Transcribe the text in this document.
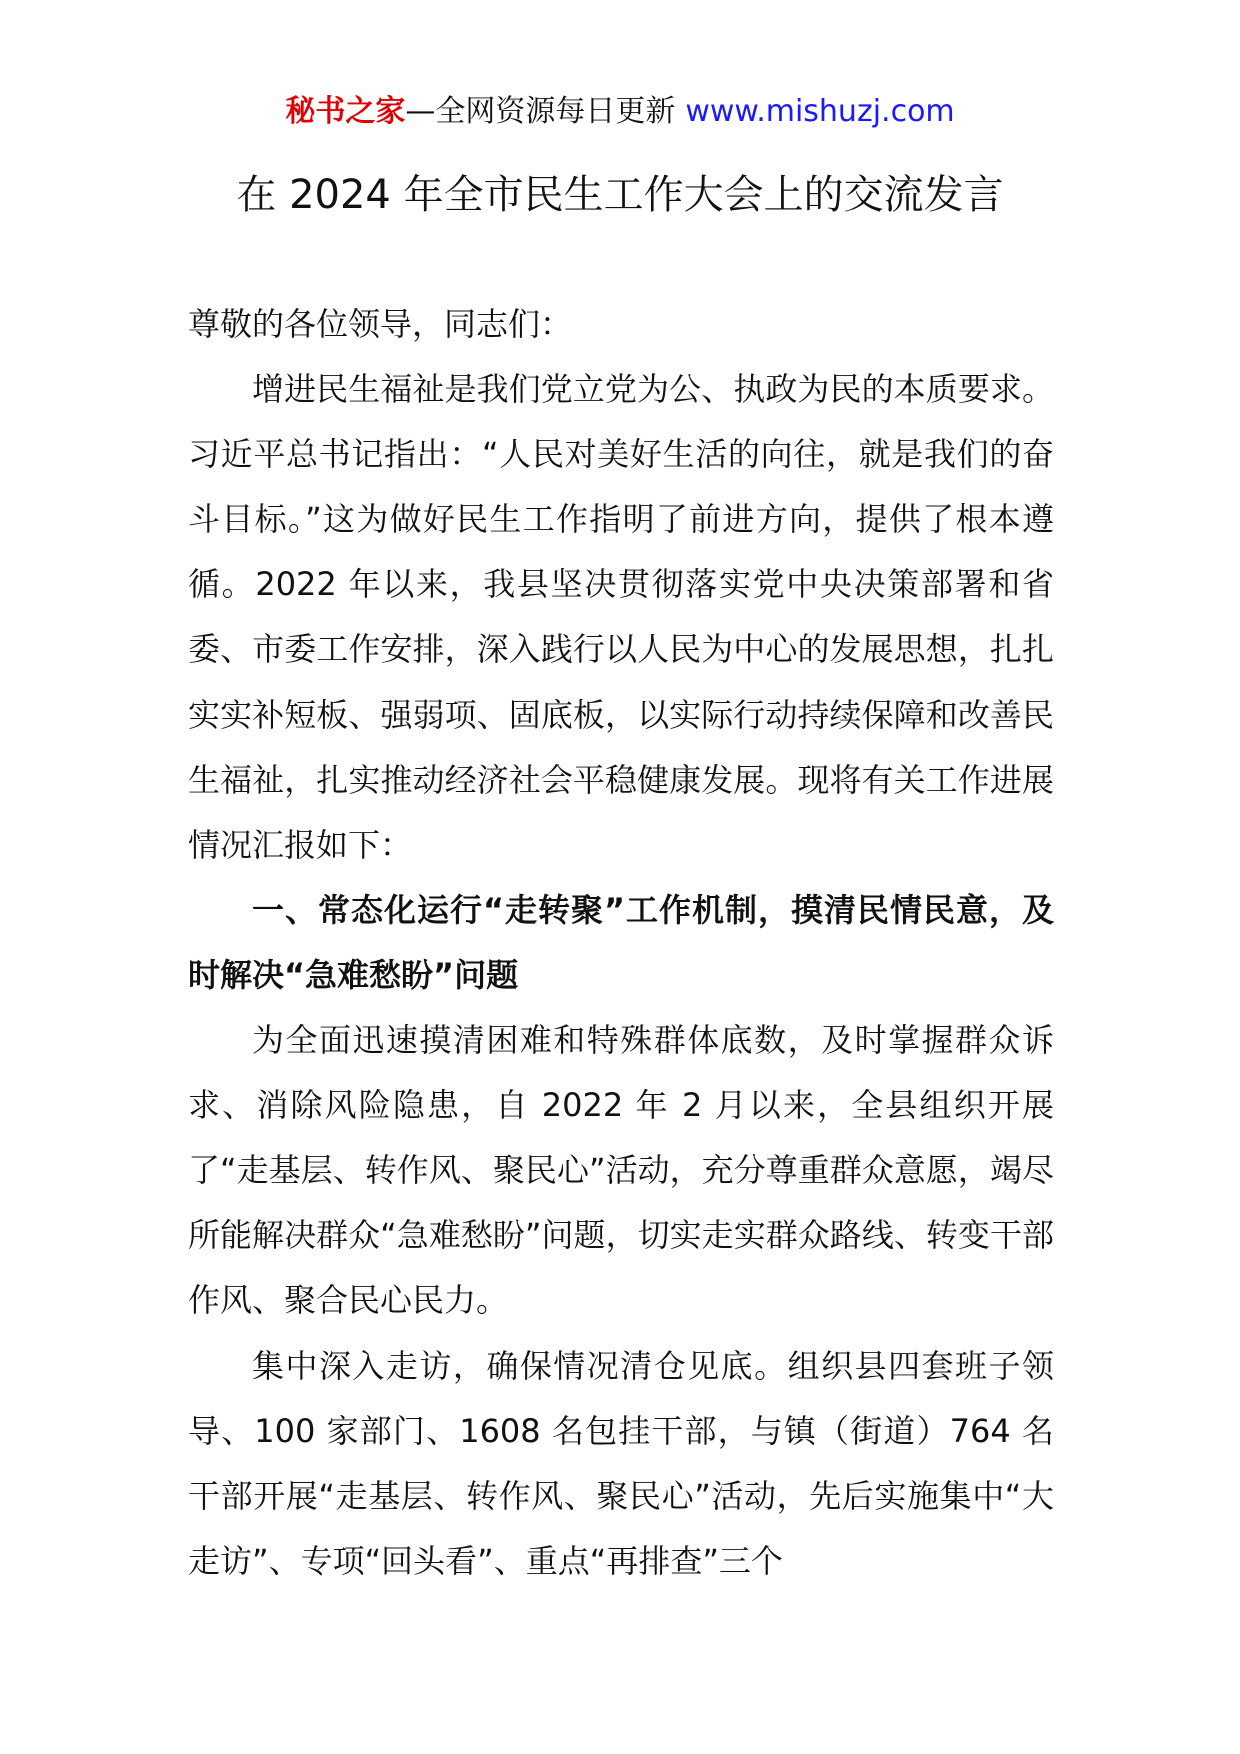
秘书之家—全网资源每日更新 www.mishuzj.com
在 2024 年全市民生工作大会上的交流发言

尊敬的各位领导，同志们：

增进民生福祉是我们党立党为公、执政为民的本质要求。习近平总书记指出：“人民对美好生活的向往，就是我们的奋斗目标。”这为做好民生工作指明了前进方向，提供了根本遵循。2022 年以来，我县坚决贯彻落实党中央决策部署和省委、市委工作安排，深入践行以人民为中心的发展思想，扎扎实实补短板、强弱项、固底板，以实际行动持续保障和改善民生福祉，扎实推动经济社会平稳健康发展。现将有关工作进展情况汇报如下：

一、常态化运行“走转聚”工作机制，摸清民情民意，及时解决“急难愁盼”问题

为全面迅速摸清困难和特殊群体底数，及时掌握群众诉求、消除风险隐患，自 2022 年 2 月以来，全县组织开展了“走基层、转作风、聚民心”活动，充分尊重群众意愿，竭尽所能解决群众“急难愁盼”问题，切实走实群众路线、转变干部作风、聚合民心民力。

集中深入走访，确保情况清仓见底。组织县四套班子领导、100 家部门、1608 名包挂干部，与镇（街道）764 名干部开展“走基层、转作风、聚民心”活动，先后实施集中“大走访”、专项“回头看”、重点“再排查”三个
